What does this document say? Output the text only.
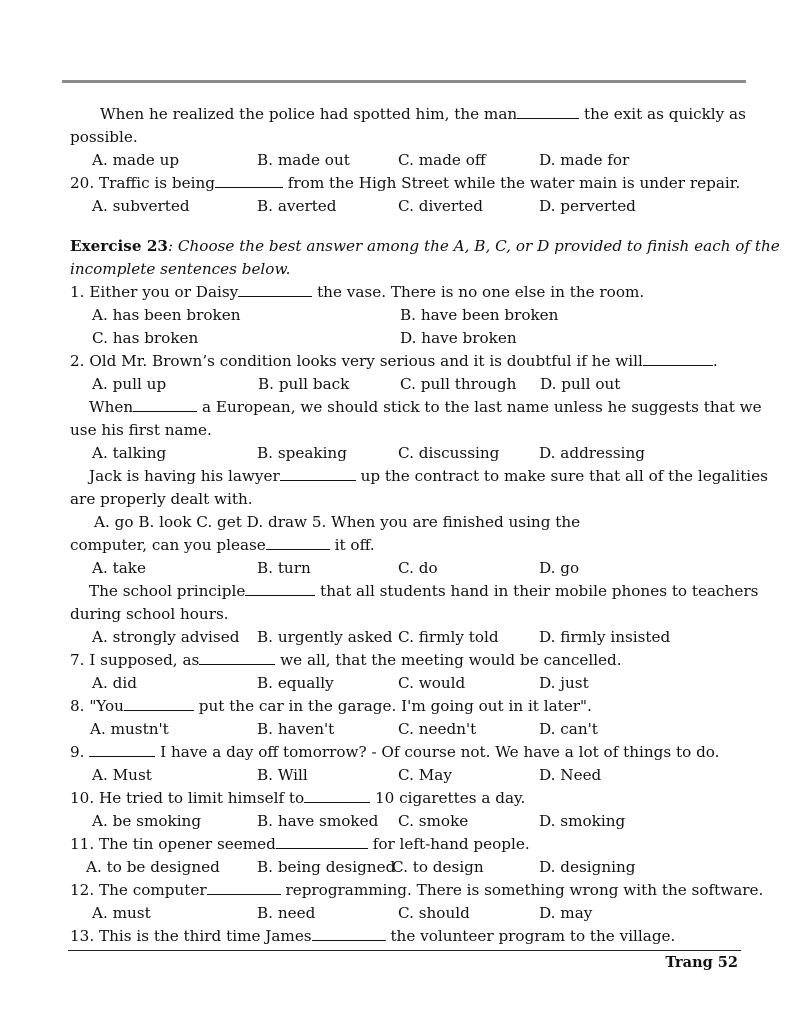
When he realized the police had spotted him, the man	the exit as quickly as
possible.
A. made up	B. made out	C. made off	D. made for
20. Traffic is being	from the High Street while the water main is under repair.
A. subverted	B. averted	C. diverted	D. perverted
Exercise 23: Choose the best answer among the A, B, C, or D provided to finish each of the
incomplete sentences below.
1. Either you or Daisy	the vase. There is no one else in the room.
A. has been broken	B. have been broken
C. has broken	D. have broken
2. Old Mr. Brown’s condition looks very serious and it is doubtful if he will	.
A. pull up	B. pull back	C. pull through D. pull out
When	a European, we should stick to the last name unless he suggests that we
use his first name.
A. talking	B. speaking	C. discussing	D. addressing
Jack is having his lawyer	up the contract to make sure that all of the legalities
are properly dealt with.
A. go B. look C. get D. draw 5. When you are finished using the
computer, can you please	it off.
A. take	B. turn	C. do	D. go
The school principle	that all students hand in their mobile phones to teachers
during school hours.
A. strongly advised B. urgently asked C. firmly told	D. firmly insisted
7. I supposed, as	we all, that the meeting would be cancelled.
A. did	B. equally	C. would	D. just
8. "You	put the car in the garage. I'm going out in it later".
A. mustn't	B. haven't	C. needn't	D. can't
9.	I have a day off tomorrow? - Of course not. We have a lot of things to do.
A. Must	B. Will	C. May	D. Need
10. He tried to limit himself to	10 cigarettes a day.
A. be smoking	B. have smoked C. smoke	D. smoking
11. The tin opener seemed	for left-hand people.
A. to be designed B. being designed
C. to design	D. designing
12. The computer	reprogramming. There is something wrong with the software.
A. must	B. need	C. should	D. may
13. This is the third time James	the volunteer program to the village.
Trang 52
